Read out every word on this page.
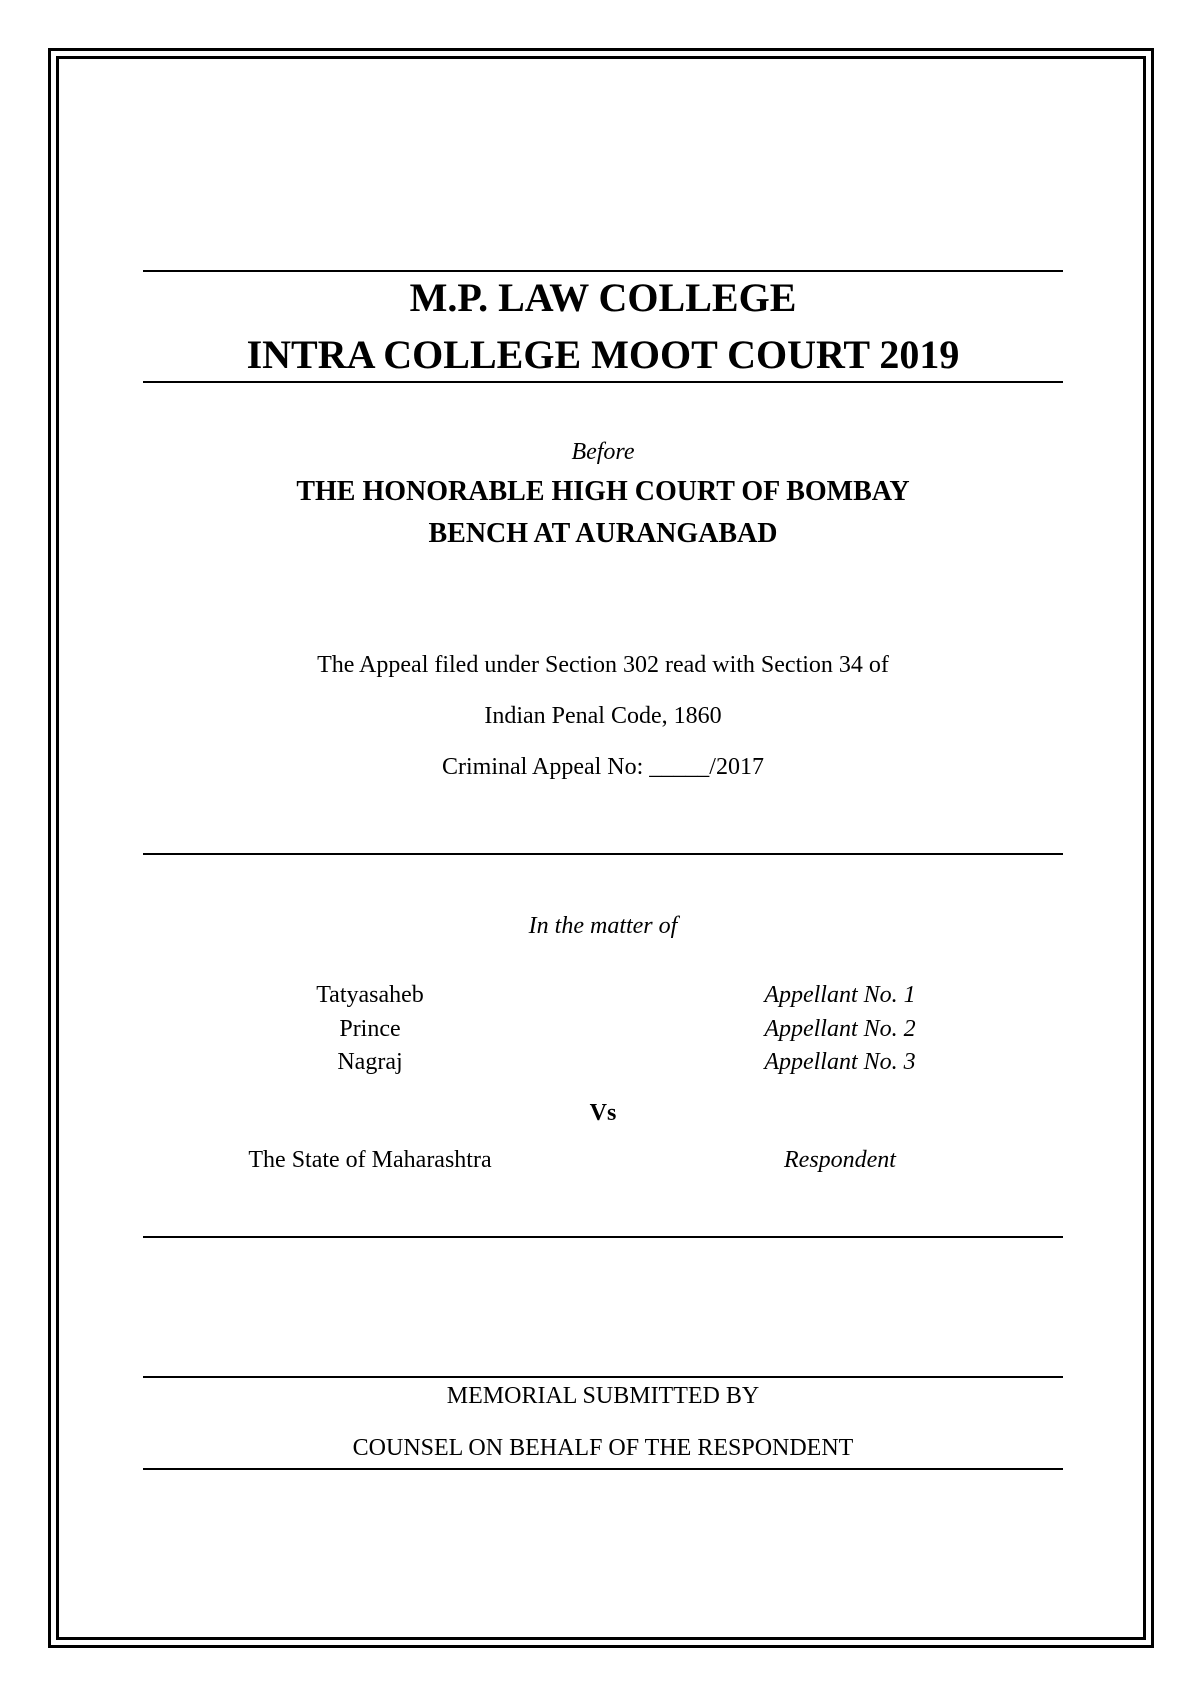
M.P. LAW COLLEGE
INTRA COLLEGE MOOT COURT 2019
Before
THE HONORABLE HIGH COURT OF BOMBAY
BENCH AT AURANGABAD
The Appeal filed under Section 302 read with Section 34 of
Indian Penal Code, 1860
Criminal Appeal No: _____/2017
In the matter of
Tatyasaheb	Appellant No. 1
Prince	Appellant No. 2
Nagraj	Appellant No. 3
Vs
The State of Maharashtra	Respondent
MEMORIAL SUBMITTED BY
COUNSEL ON BEHALF OF THE RESPONDENT
